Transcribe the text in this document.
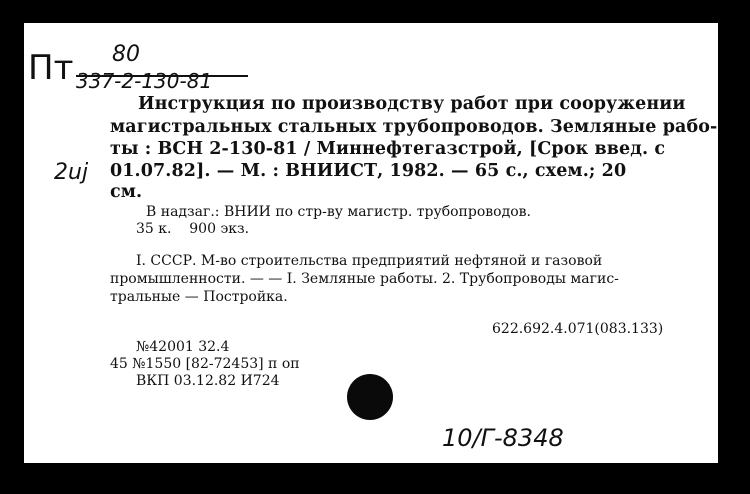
Пт 80
337-2-130-81
2uj
Инструкция по производству работ при сооружении
магистральных стальных трубопроводов. Земляные рабо-
ты : ВСН 2-130-81 / Миннефтегазстрой, [Срок введ. с
01.07.82]. — М. : ВНИИСТ, 1982. — 65 с., схем.; 20
см.
В надзаг.: ВНИИ по стр-ву магистр. трубопроводов.
35 к.    900 экз.
I. СССР. М-во строительства предприятий нефтяной и газовой
промышленности. — — I. Земляные работы. 2. Трубопроводы магис-
тральные — Постройка.
622.692.4.071(083.133)
№42001 32.4
45 №1550 [82-72453] п оп
ВКП 03.12.82 И724
10/Г-8348
